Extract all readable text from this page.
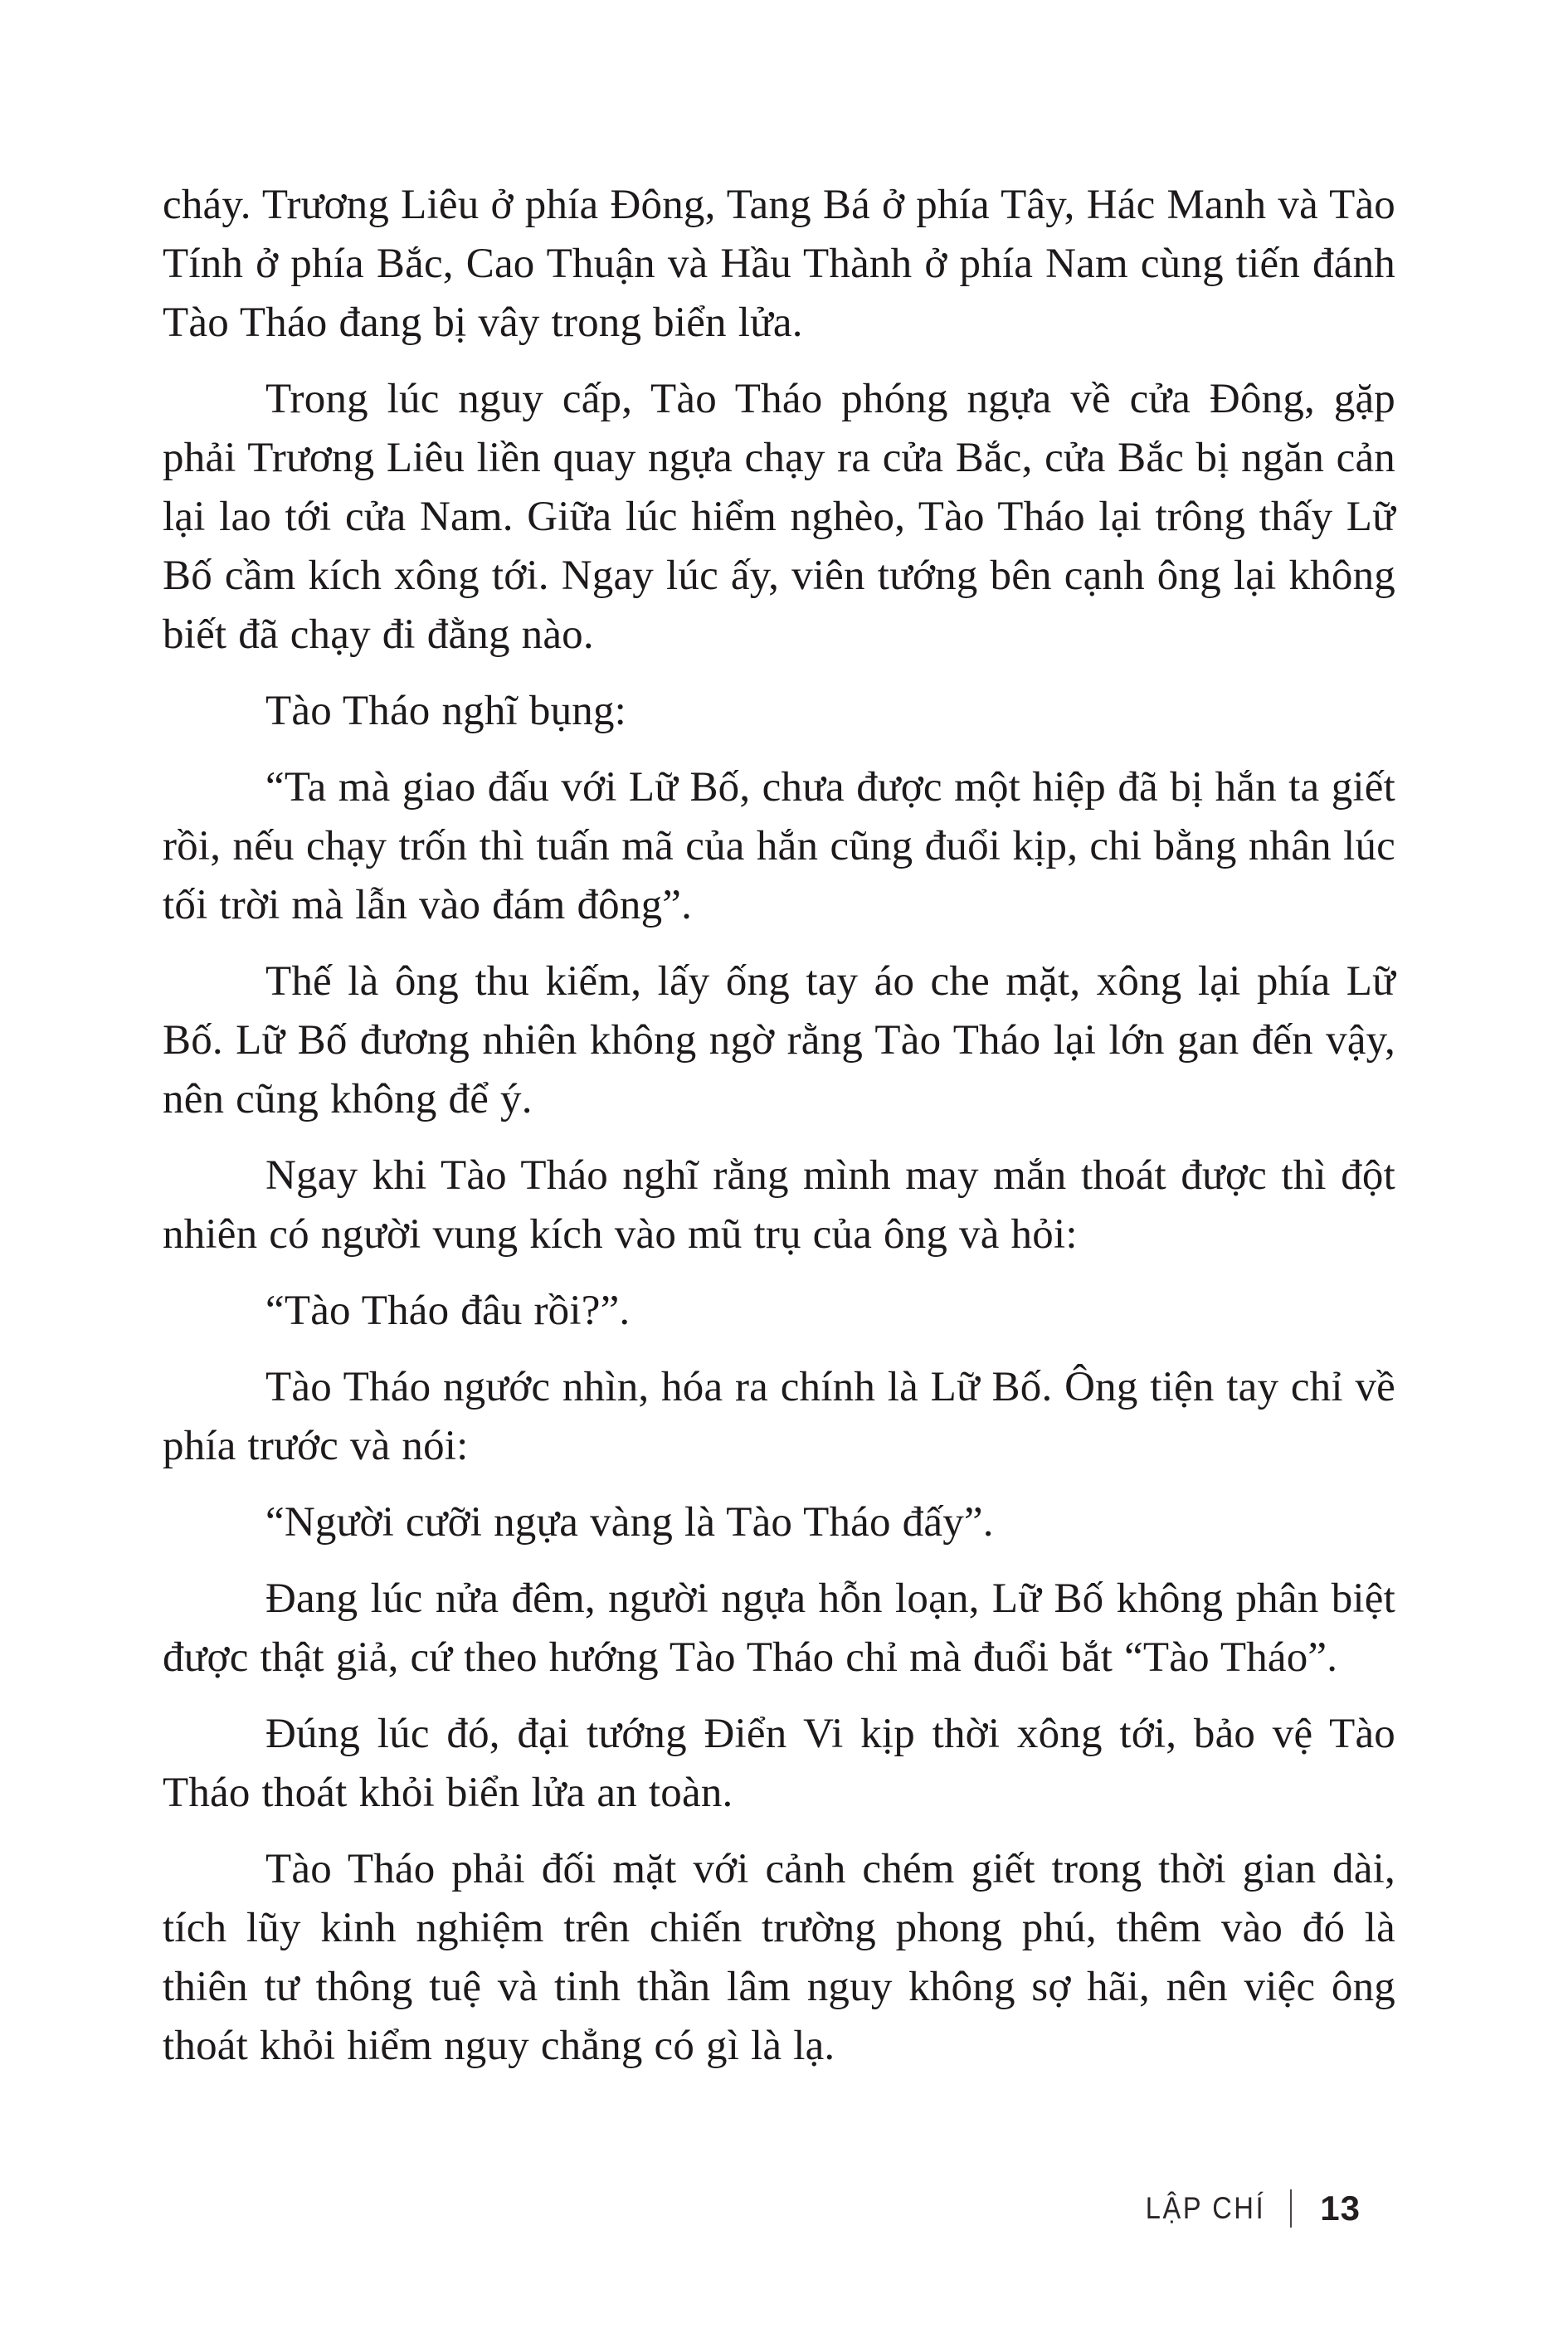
cháy. Trương Liêu ở phía Đông, Tang Bá ở phía Tây, Hác Manh và Tào Tính ở phía Bắc, Cao Thuận và Hầu Thành ở phía Nam cùng tiến đánh Tào Tháo đang bị vây trong biển lửa.

Trong lúc nguy cấp, Tào Tháo phóng ngựa về cửa Đông, gặp phải Trương Liêu liền quay ngựa chạy ra cửa Bắc, cửa Bắc bị ngăn cản lại lao tới cửa Nam. Giữa lúc hiểm nghèo, Tào Tháo lại trông thấy Lữ Bố cầm kích xông tới. Ngay lúc ấy, viên tướng bên cạnh ông lại không biết đã chạy đi đằng nào.

Tào Tháo nghĩ bụng:

“Ta mà giao đấu với Lữ Bố, chưa được một hiệp đã bị hắn ta giết rồi, nếu chạy trốn thì tuấn mã của hắn cũng đuổi kịp, chi bằng nhân lúc tối trời mà lẫn vào đám đông”.

Thế là ông thu kiếm, lấy ống tay áo che mặt, xông lại phía Lữ Bố. Lữ Bố đương nhiên không ngờ rằng Tào Tháo lại lớn gan đến vậy, nên cũng không để ý.

Ngay khi Tào Tháo nghĩ rằng mình may mắn thoát được thì đột nhiên có người vung kích vào mũ trụ của ông và hỏi:

“Tào Tháo đâu rồi?”.

Tào Tháo ngước nhìn, hóa ra chính là Lữ Bố. Ông tiện tay chỉ về phía trước và nói:

“Người cưỡi ngựa vàng là Tào Tháo đấy”.

Đang lúc nửa đêm, người ngựa hỗn loạn, Lữ Bố không phân biệt được thật giả, cứ theo hướng Tào Tháo chỉ mà đuổi bắt “Tào Tháo”.

Đúng lúc đó, đại tướng Điển Vi kịp thời xông tới, bảo vệ Tào Tháo thoát khỏi biển lửa an toàn.

Tào Tháo phải đối mặt với cảnh chém giết trong thời gian dài, tích lũy kinh nghiệm trên chiến trường phong phú, thêm vào đó là thiên tư thông tuệ và tinh thần lâm nguy không sợ hãi, nên việc ông thoát khỏi hiểm nguy chẳng có gì là lạ.

LẬP CHÍ 13
